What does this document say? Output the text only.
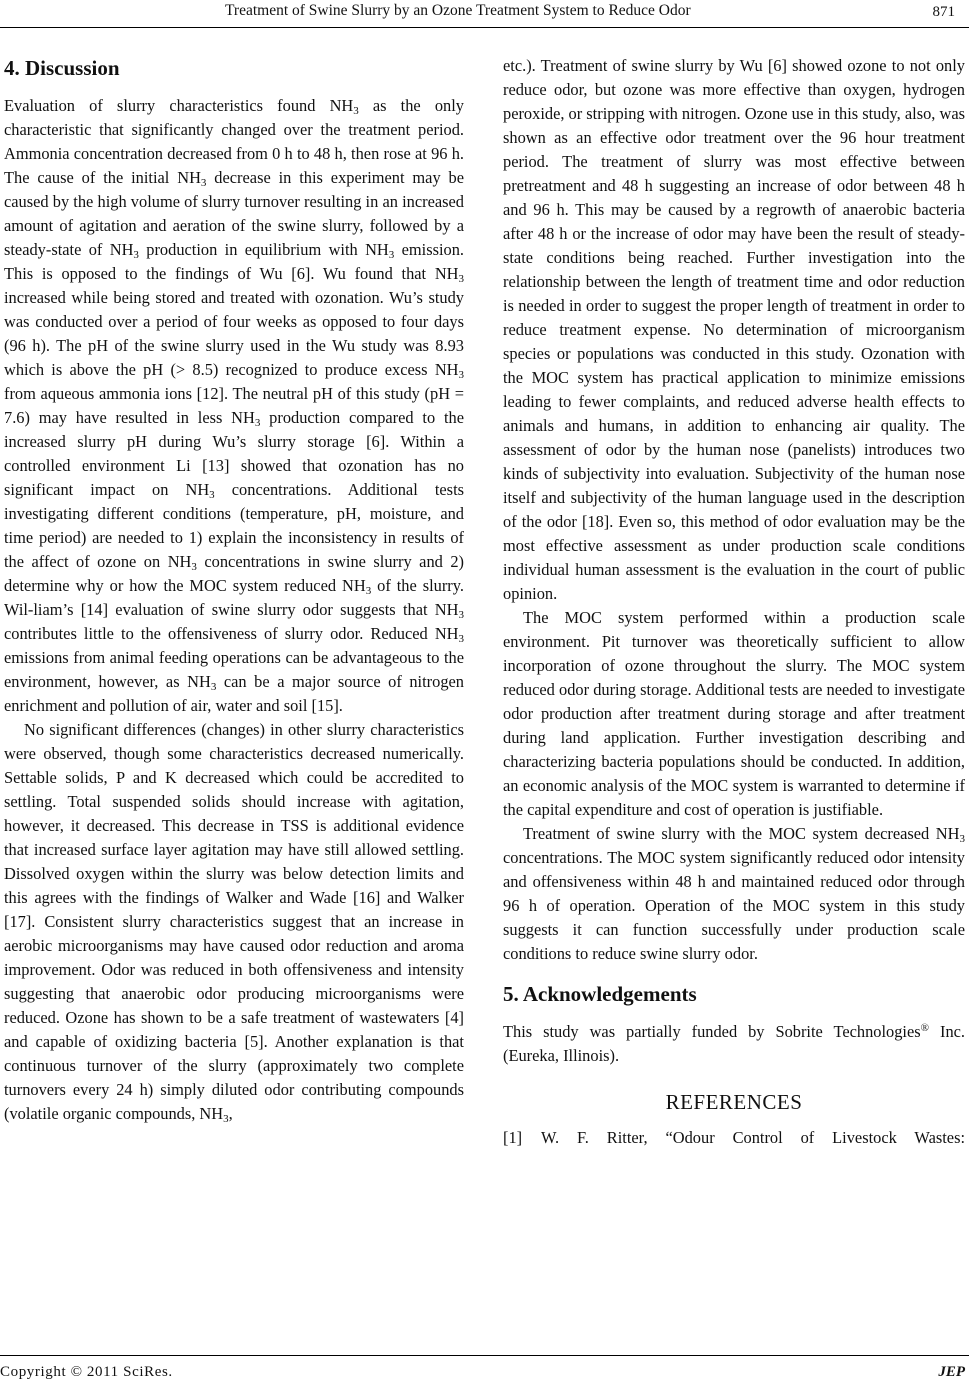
Treatment of Swine Slurry by an Ozone Treatment System to Reduce Odor	871
4. Discussion

Evaluation of slurry characteristics found $NH_3$ as the only characteristic that significantly changed over the treatment period. Ammonia concentration decreased from 0 h to 48 h, then rose at 96 h. The cause of the initial $NH_3$ decrease in this experiment may be caused by the high volume of slurry turnover resulting in an increased amount of agitation and aeration of the swine slurry, followed by a steady-state of $NH_3$ production in equilibrium with $NH_3$ emission. This is opposed to the findings of Wu [6]. Wu found that $NH_3$ increased while being stored and treated with ozonation. Wu’s study was conducted over a period of four weeks as opposed to four days (96 h). The pH of the swine slurry used in the Wu study was 8.93 which is above the pH (> 8.5) recognized to produce excess $NH_3$ from aqueous ammonia ions [12]. The neutral pH of this study (pH = 7.6) may have resulted in less $NH_3$ production compared to the increased slurry pH during Wu’s slurry storage [6]. Within a controlled environment Li [13] showed that ozonation has no significant impact on $NH_3$ concentrations. Additional tests investigating different conditions (temperature, pH, moisture, and time period) are needed to 1) explain the inconsistency in results of the affect of ozone on $NH_3$ concentrations in swine slurry and 2) determine why or how the MOC system reduced $NH_3$ of the slurry. Wil-liam’s [14] evaluation of swine slurry odor suggests that $NH_3$ contributes little to the offensiveness of slurry odor. Reduced $NH_3$ emissions from animal feeding operations can be advantageous to the environment, however, as $NH_3$ can be a major source of nitrogen enrichment and pollution of air, water and soil [15].

No significant differences (changes) in other slurry characteristics were observed, though some characteristics decreased numerically. Settable solids, P and K decreased which could be accredited to settling. Total suspended solids should increase with agitation, however, it decreased. This decrease in TSS is additional evidence that increased surface layer agitation may have still allowed settling. Dissolved oxygen within the slurry was below detection limits and this agrees with the findings of Walker and Wade [16] and Walker [17]. Consistent slurry characteristics suggest that an increase in aerobic microorganisms may have caused odor reduction and aroma improvement. Odor was reduced in both offensiveness and intensity suggesting that anaerobic odor producing microorganisms were reduced. Ozone has shown to be a safe treatment of wastewaters [4] and capable of oxidizing bacteria [5]. Another explanation is that continuous turnover of the slurry (approximately two complete turnovers every 24 h) simply diluted odor contributing compounds (volatile organic compounds, $NH_3$,

etc.). Treatment of swine slurry by Wu [6] showed ozone to not only reduce odor, but ozone was more effective than oxygen, hydrogen peroxide, or stripping with nitrogen. Ozone use in this study, also, was shown as an effective odor treatment over the 96 hour treatment period. The treatment of slurry was most effective between pretreatment and 48 h suggesting an increase of odor between 48 h and 96 h. This may be caused by a regrowth of anaerobic bacteria after 48 h or the increase of odor may have been the result of steady-state conditions being reached. Further investigation into the relationship between the length of treatment time and odor reduction is needed in order to suggest the proper length of treatment in order to reduce treatment expense. No determination of microorganism species or populations was conducted in this study. Ozonation with the MOC system has practical application to minimize emissions leading to fewer complaints, and reduced adverse health effects to animals and humans, in addition to enhancing air quality. The assessment of odor by the human nose (panelists) introduces two kinds of subjectivity into evaluation. Subjectivity of the human nose itself and subjectivity of the human language used in the description of the odor [18]. Even so, this method of odor evaluation may be the most effective assessment as under production scale conditions individual human assessment is the evaluation in the court of public opinion.

The MOC system performed within a production scale environment. Pit turnover was theoretically sufficient to allow incorporation of ozone throughout the slurry. The MOC system reduced odor during storage. Additional tests are needed to investigate odor production after treatment during storage and after treatment during land application. Further investigation describing and characterizing bacteria populations should be conducted. In addition, an economic analysis of the MOC system is warranted to determine if the capital expenditure and cost of operation is justifiable.

Treatment of swine slurry with the MOC system decreased $NH_3$ concentrations. The MOC system significantly reduced odor intensity and offensiveness within 48 h and maintained reduced odor through 96 h of operation. Operation of the MOC system in this study suggests it can function successfully under production scale conditions to reduce swine slurry odor.

5. Acknowledgements

This study was partially funded by Sobrite Technologies® Inc. (Eureka, Illinois).

REFERENCES
[1]	W. F. Ritter, “Odour Control of Livestock Wastes:
Copyright © 2011 SciRes.	JEP
